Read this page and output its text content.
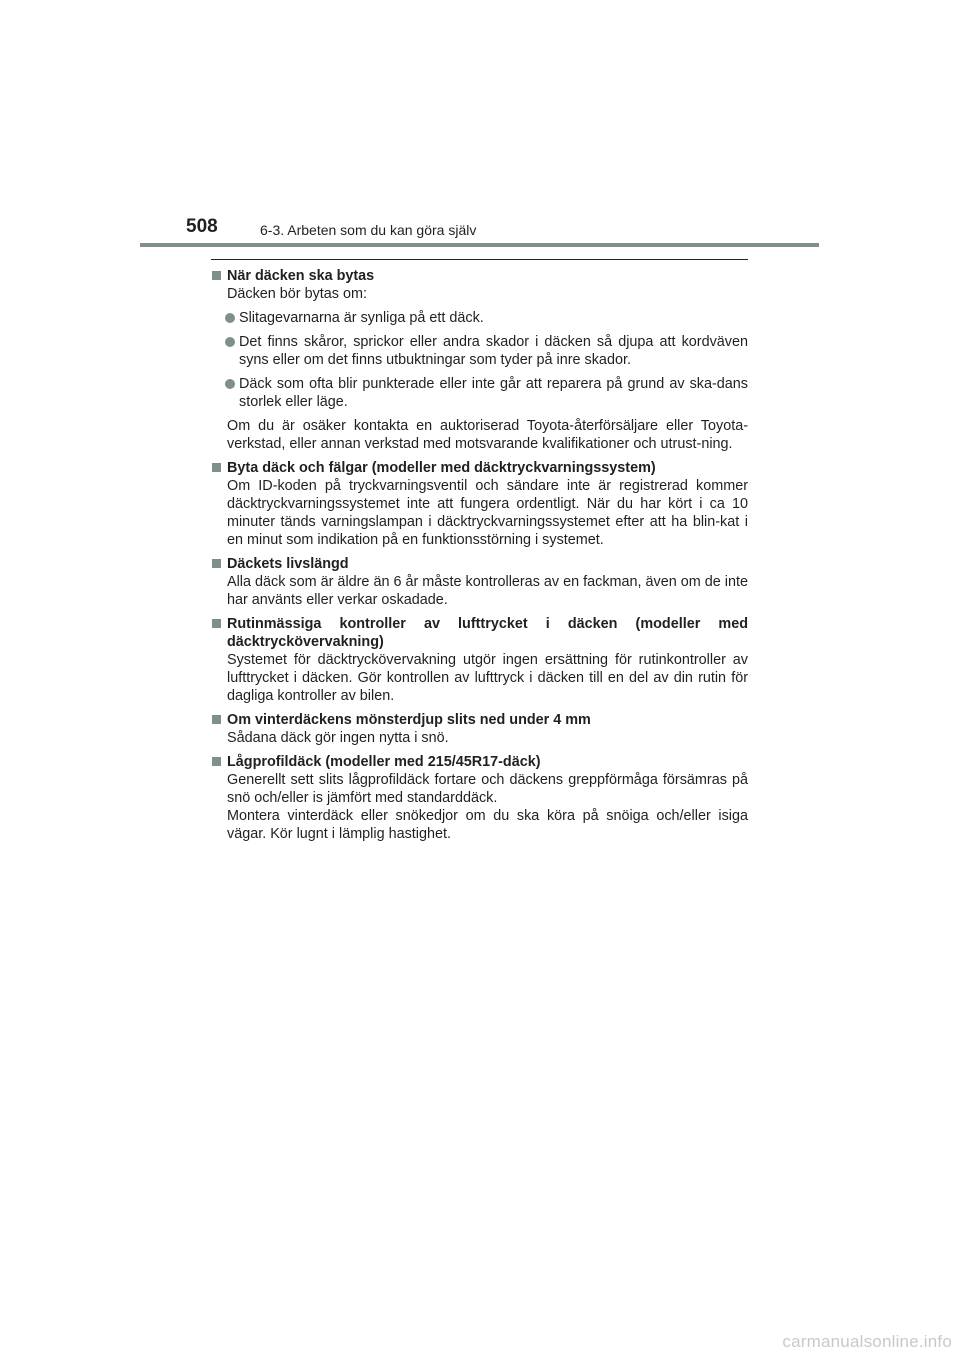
508	6-3. Arbeten som du kan göra själv
När däcken ska bytas
Däcken bör bytas om:
Slitagevarnarna är synliga på ett däck.
Det finns skåror, sprickor eller andra skador i däcken så djupa att kordväven syns eller om det finns utbuktningar som tyder på inre skador.
Däck som ofta blir punkterade eller inte går att reparera på grund av ska-dans storlek eller läge.
Om du är osäker kontakta en auktoriserad Toyota-återförsäljare eller Toyota-verkstad, eller annan verkstad med motsvarande kvalifikationer och utrust-ning.
Byta däck och fälgar (modeller med däcktryckvarningssystem)
Om ID-koden på tryckvarningsventil och sändare inte är registrerad kommer däcktryckvarningssystemet inte att fungera ordentligt. När du har kört i ca 10 minuter tänds varningslampan i däcktryckvarningssystemet efter att ha blin-kat i en minut som indikation på en funktionsstörning i systemet.
Däckets livslängd
Alla däck som är äldre än 6 år måste kontrolleras av en fackman, även om de inte har använts eller verkar oskadade.
Rutinmässiga kontroller av lufttrycket i däcken (modeller med däcktryckövervakning)
Systemet för däcktryckövervakning utgör ingen ersättning för rutinkontroller av lufttrycket i däcken. Gör kontrollen av lufttryck i däcken till en del av din rutin för dagliga kontroller av bilen.
Om vinterdäckens mönsterdjup slits ned under 4 mm
Sådana däck gör ingen nytta i snö.
Lågprofildäck (modeller med 215/45R17-däck)
Generellt sett slits lågprofildäck fortare och däckens greppförmåga försämras på snö och/eller is jämfört med standarddäck.
Montera vinterdäck eller snökedjor om du ska köra på snöiga och/eller isiga vägar. Kör lugnt i lämplig hastighet.
carmanualsonline.info
